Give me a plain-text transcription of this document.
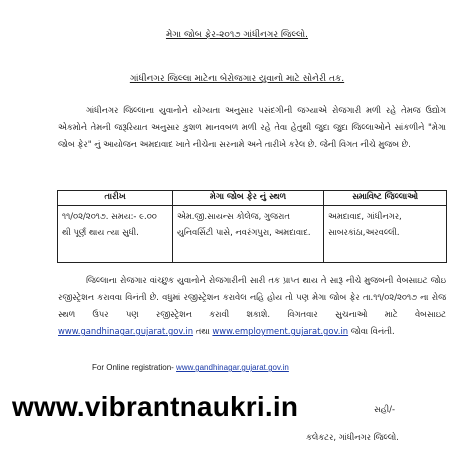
મેગા જોબ ફેર-૨૦૧૭ ગાંધીનગર જિલ્લો.
ગાંધીનગર જિલ્લા માટેના બેરોજગાર યુવાનો માટે સોનેરી તક.

ગાંધીનગર જિલ્લાના યુવાનોને યોગ્યતા અનુસાર પસંદગીની જગ્યાએ રોજગારી મળી રહે તેમજ ઉદ્યોગ એકમોને તેમની જરૂરિયાત અનુસાર કુશળ માનવબળ મળી રહે તેવા હેતુથી જુદા જુદા જિલ્લાઓને સાંકળીને "મેગા જોબ ફેર" નું આયોજન અમદાવાદ ખાતે નીચેના સરનામે અને તારીખે કરેલ છે. જેની વિગત નીચે મુજબ છે.

તારીખ	મેગા જોબ ફેર નું સ્થળ	સમાવિષ્ટ જિલ્લાઓ
૧૧/૦૨/૨૦૧૭. સમય:- ૯.૦૦ થી પૂર્ણ થાય ત્યા સુધી.	એમ.જી.સાયન્સ કોલેજ, ગુજરાત યુનિવર્સિટી પાસે, નવરંગપુરા, અમદાવાદ.	અમદાવાદ, ગાંધીનગર, સાબરકાંઠા,અરવલ્લી.

જિલ્લાના રોજગાર વાંચ્છુક યુવાનોને રોજગારીની સારી તક પ્રાપ્ત થાય તે સારૂ નીચે મુજબની વેબસાઇટ જોઇ રજીસ્ટ્રેશન કરાવવા વિનંતી છે. વધુમાં રજીસ્ટ્રેશન કરાવેલ નહિ હોય તો પણ મેગા જોબ ફેર તા.૧૧/૦૨/૨૦૧૭ ના રોજ સ્થળ ઉપર પણ રજીસ્ટ્રેશન કરાવી શકાશે. વિગતવાર સુચનાઓ માટે વેબસાઇટ www.gandhinagar.gujarat.gov.in તથા www.employment.gujarat.gov.in જોવા વિનંતી.

For Online registration- www.gandhinagar.gujarat.gov.in
www.vibrantnaukri.in	સહી/-
કલેકટર, ગાંધીનગર જિલ્લો.
